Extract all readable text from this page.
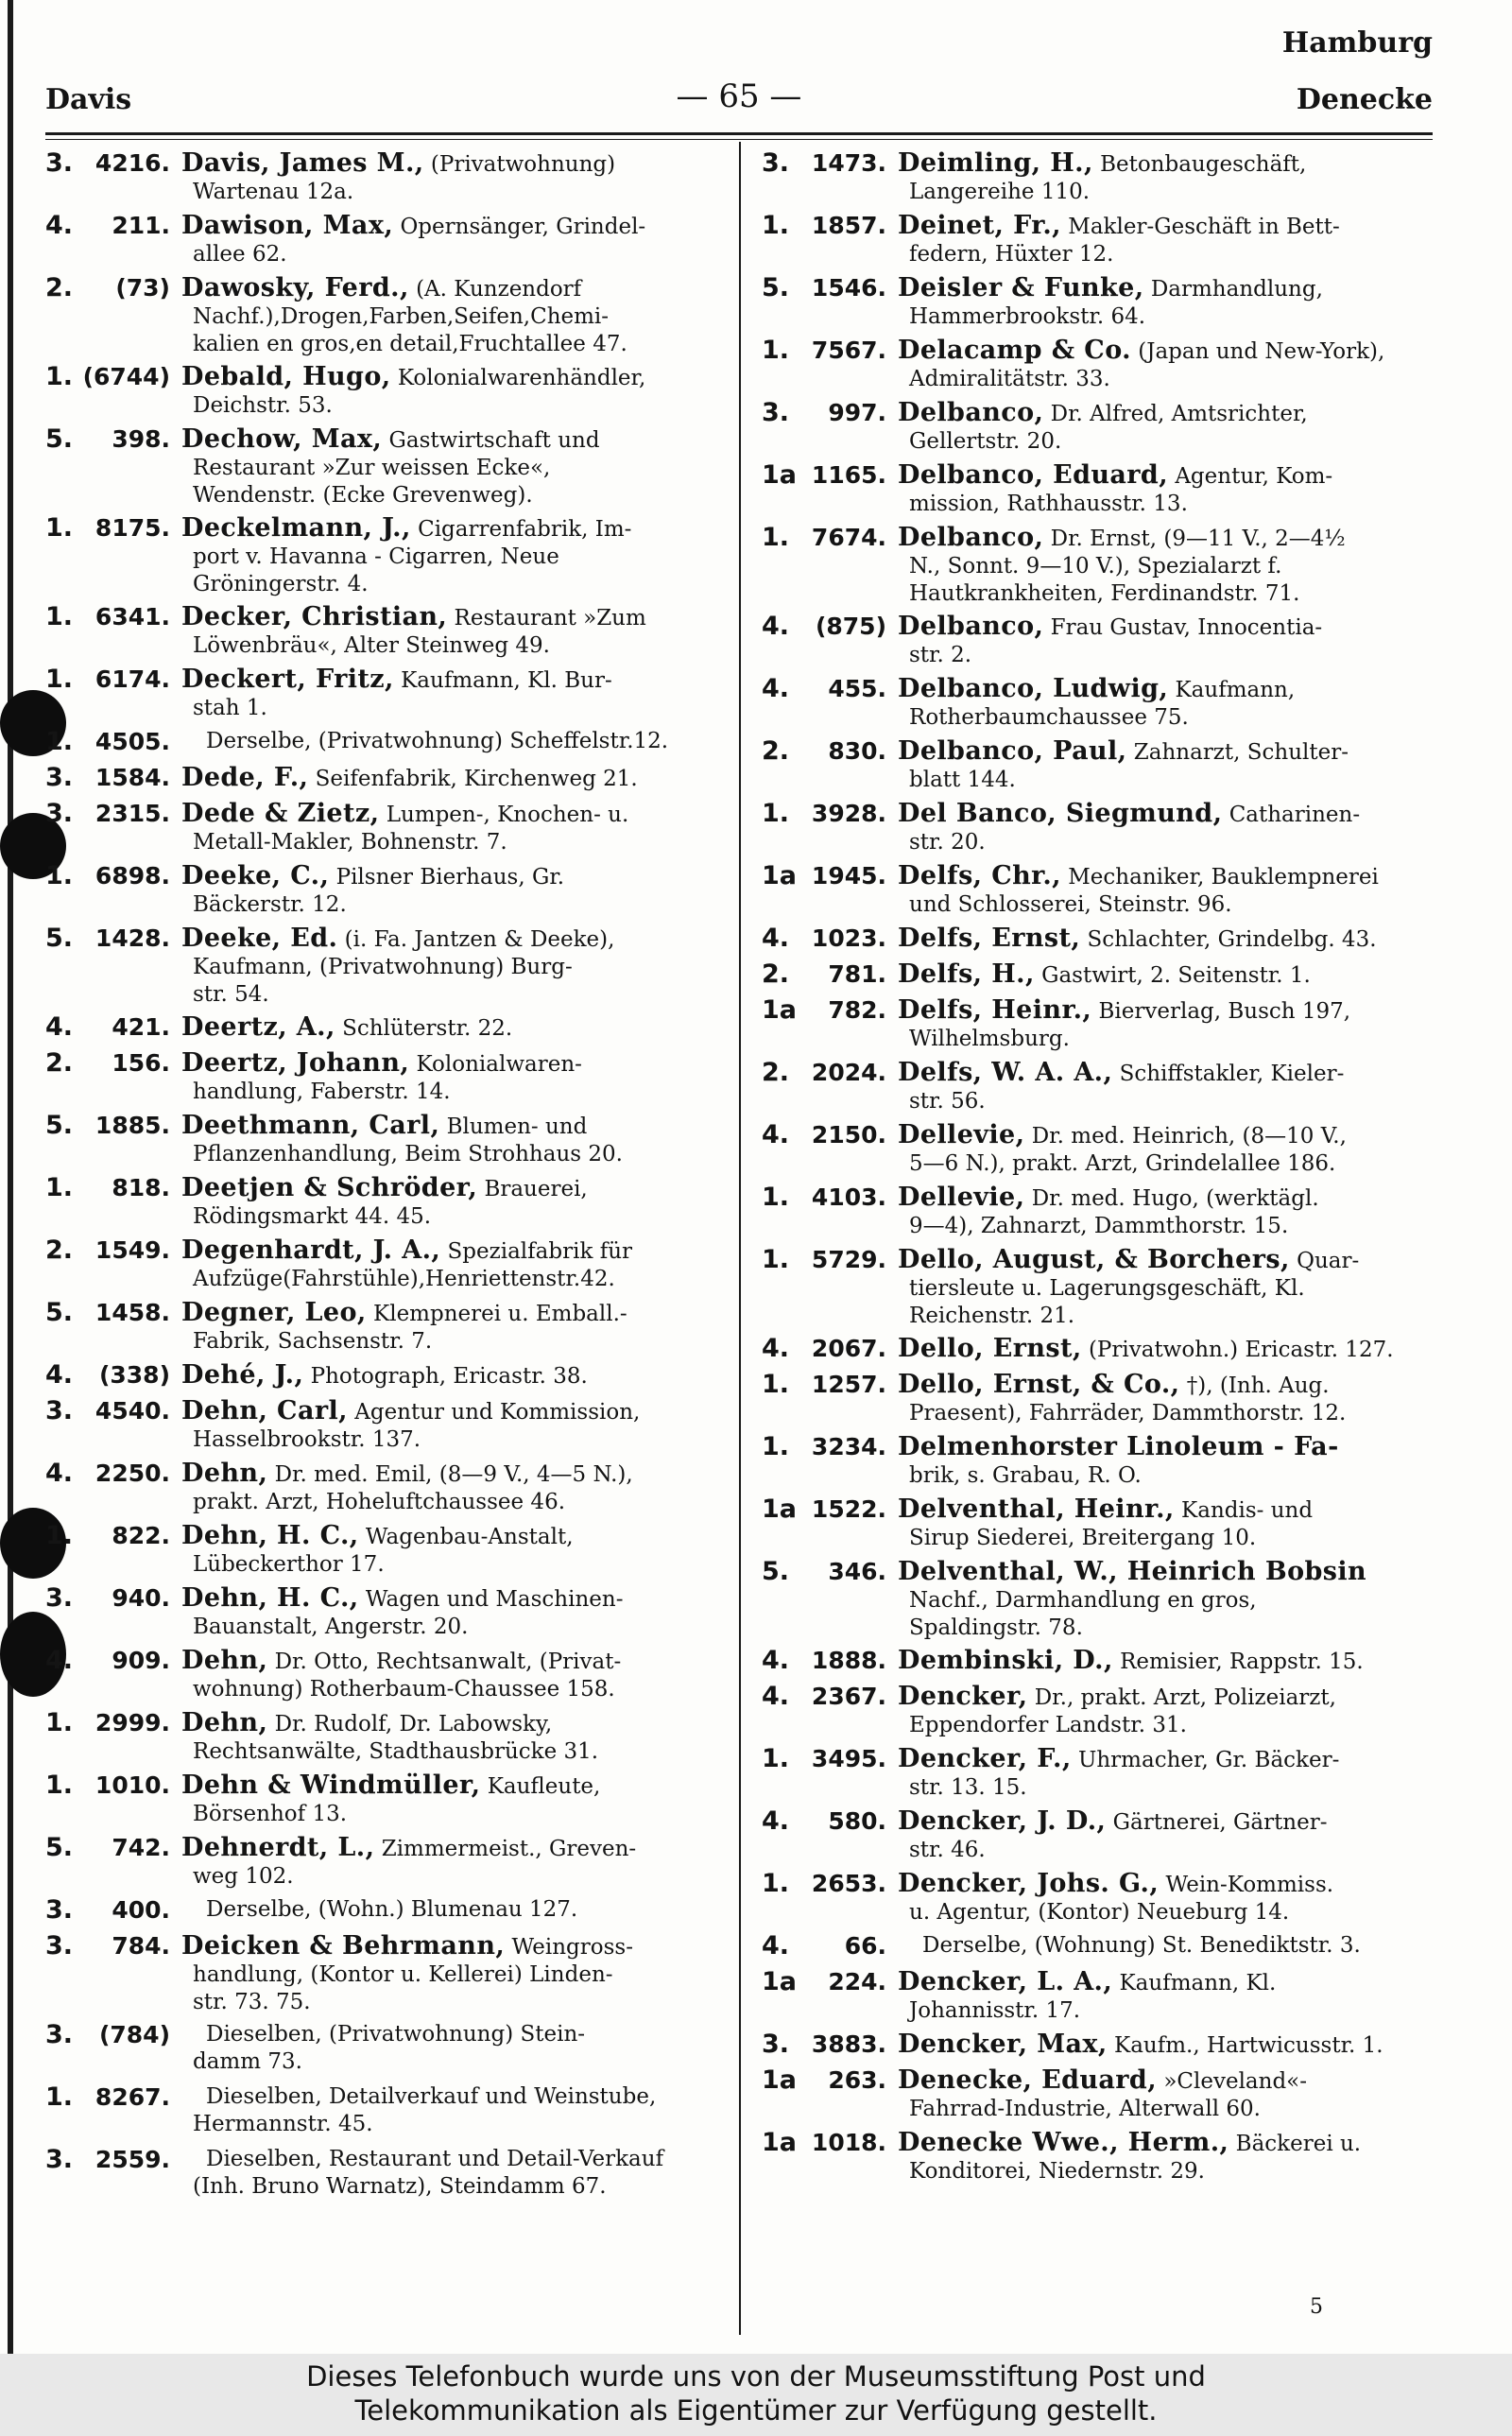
Hamburg
Davis	— 65 —	Denecke
3. 4216. Davis, James M., (Privatwohnung)
Wartenau 12a.
4.	211. Dawison, Max, Opernsänger, Grindel-
allee 62.
2.	(73) Dawosky, Ferd., (A. Kunzendorf
Nachf.),Drogen,Farben,Seifen,Chemi-
kalien en gros,en detail,Fruchtallee 47.
1. (6744) Debald, Hugo, Kolonialwarenhändler,
Deichstr. 53.
5.	398. Dechow, Max, Gastwirtschaft und
Restaurant »Zur weissen Ecke«,
Wendenstr. (Ecke Grevenweg).
1. 8175. Deckelmann, J., Cigarrenfabrik, Im-
port v. Havanna - Cigarren, Neue
Gröningerstr. 4.
1. 6341. Decker, Christian, Restaurant »Zum
Löwenbräu«, Alter Steinweg 49.
1. 6174. Deckert, Fritz, Kaufmann, Kl. Bur-
stah 1.
1. 4505.	Derselbe, (Privatwohnung) Scheffelstr.12.
3. 1584. Dede, F., Seifenfabrik, Kirchenweg 21.
3. 2315. Dede & Zietz, Lumpen-, Knochen- u.
Metall-Makler, Bohnenstr. 7.
1. 6898. Deeke, C., Pilsner Bierhaus, Gr.
Bäckerstr. 12.
5. 1428. Deeke, Ed. (i. Fa. Jantzen & Deeke),
Kaufmann, (Privatwohnung) Burg-
str. 54.
4.	421. Deertz, A., Schlüterstr. 22.
2.	156. Deertz, Johann, Kolonialwaren-
handlung, Faberstr. 14.
5. 1885. Deethmann, Carl, Blumen- und
Pflanzenhandlung, Beim Strohhaus 20.
1.	818. Deetjen & Schröder, Brauerei,
Rödingsmarkt 44. 45.
2. 1549. Degenhardt, J. A., Spezialfabrik für
Aufzüge(Fahrstühle),Henriettenstr.42.
5. 1458. Degner, Leo, Klempnerei u. Emball.-
Fabrik, Sachsenstr. 7.
4.	(338) Dehé, J., Photograph, Ericastr. 38.
3. 4540. Dehn, Carl, Agentur und Kommission,
Hasselbrookstr. 137.
4. 2250. Dehn, Dr. med. Emil, (8—9 V., 4—5 N.),
prakt. Arzt, Hoheluftchaussee 46.
1.	822. Dehn, H. C., Wagenbau-Anstalt,
Lübeckerthor 17.
3.	940. Dehn, H. C., Wagen und Maschinen-
Bauanstalt, Angerstr. 20.
4.	909. Dehn, Dr. Otto, Rechtsanwalt, (Privat-
wohnung) Rotherbaum-Chaussee 158.
1. 2999. Dehn, Dr. Rudolf, Dr. Labowsky,
Rechtsanwälte, Stadthausbrücke 31.
1. 1010. Dehn & Windmüller, Kaufleute,
Börsenhof 13.
5.	742. Dehnerdt, L., Zimmermeist., Greven-
weg 102.
3.	400.	Derselbe, (Wohn.) Blumenau 127.
3.	784. Deicken & Behrmann, Weingross-
handlung, (Kontor u. Kellerei) Linden-
str. 73. 75.
3.	(784)	Dieselben, (Privatwohnung) Stein-
damm 73.
1. 8267.	Dieselben, Detailverkauf und Weinstube,
Hermannstr. 45.
3. 2559.	Dieselben, Restaurant und Detail-Verkauf
(Inh. Bruno Warnatz), Steindamm 67.
3. 1473. Deimling, H., Betonbaugeschäft,
Langereihe 110.
1. 1857. Deinet, Fr., Makler-Geschäft in Bett-
federn, Hüxter 12.
5. 1546. Deisler & Funke, Darmhandlung,
Hammerbrookstr. 64.
1. 7567. Delacamp & Co. (Japan und New-York),
Admiralitätstr. 33.
3.	997. Delbanco, Dr. Alfred, Amtsrichter,
Gellertstr. 20.
1a 1165. Delbanco, Eduard, Agentur, Kom-
mission, Rathhausstr. 13.
1. 7674. Delbanco, Dr. Ernst, (9—11 V., 2—4½
N., Sonnt. 9—10 V.), Spezialarzt f.
Hautkrankheiten, Ferdinandstr. 71.
4.	(875) Delbanco, Frau Gustav, Innocentia-
str. 2.
4.	455. Delbanco, Ludwig, Kaufmann,
Rotherbaumchaussee 75.
2.	830. Delbanco, Paul, Zahnarzt, Schulter-
blatt 144.
1. 3928. Del Banco, Siegmund, Catharinen-
str. 20.
1a 1945. Delfs, Chr., Mechaniker, Bauklempnerei
und Schlosserei, Steinstr. 96.
4. 1023. Delfs, Ernst, Schlachter, Grindelbg. 43.
2.	781. Delfs, H., Gastwirt, 2. Seitenstr. 1.
1a	782. Delfs, Heinr., Bierverlag, Busch 197,
Wilhelmsburg.
2. 2024. Delfs, W. A. A., Schiffstakler, Kieler-
str. 56.
4. 2150. Dellevie, Dr. med. Heinrich, (8—10 V.,
5—6 N.), prakt. Arzt, Grindelallee 186.
1. 4103. Dellevie, Dr. med. Hugo, (werktägl.
9—4), Zahnarzt, Dammthorstr. 15.
1. 5729. Dello, August, & Borchers, Quar-
tiersleute u. Lagerungsgeschäft, Kl.
Reichenstr. 21.
4. 2067. Dello, Ernst, (Privatwohn.) Ericastr. 127.
1. 1257. Dello, Ernst, & Co., †), (Inh. Aug.
Praesent), Fahrräder, Dammthorstr. 12.
1. 3234. Delmenhorster Linoleum - Fa-
brik, s. Grabau, R. O.
1a 1522. Delventhal, Heinr., Kandis- und
Sirup Siederei, Breitergang 10.
5.	346. Delventhal, W., Heinrich Bobsin
Nachf., Darmhandlung en gros,
Spaldingstr. 78.
4. 1888. Dembinski, D., Remisier, Rappstr. 15.
4. 2367. Dencker, Dr., prakt. Arzt, Polizeiarzt,
Eppendorfer Landstr. 31.
1. 3495. Dencker, F., Uhrmacher, Gr. Bäcker-
str. 13. 15.
4.	580. Dencker, J. D., Gärtnerei, Gärtner-
str. 46.
1. 2653. Dencker, Johs. G., Wein-Kommiss.
u. Agentur, (Kontor) Neueburg 14.
4.	66.	Derselbe, (Wohnung) St. Benediktstr. 3.
1a	224. Dencker, L. A., Kaufmann, Kl.
Johannisstr. 17.
3. 3883. Dencker, Max, Kaufm., Hartwicusstr. 1.
1a	263. Denecke, Eduard, »Cleveland«-
Fahrrad-Industrie, Alterwall 60.
1a 1018. Denecke Wwe., Herm., Bäckerei u.
Konditorei, Niedernstr. 29.
5
Dieses Telefonbuch wurde uns von der Museumsstiftung Post und
Telekommunikation als Eigentümer zur Verfügung gestellt.
